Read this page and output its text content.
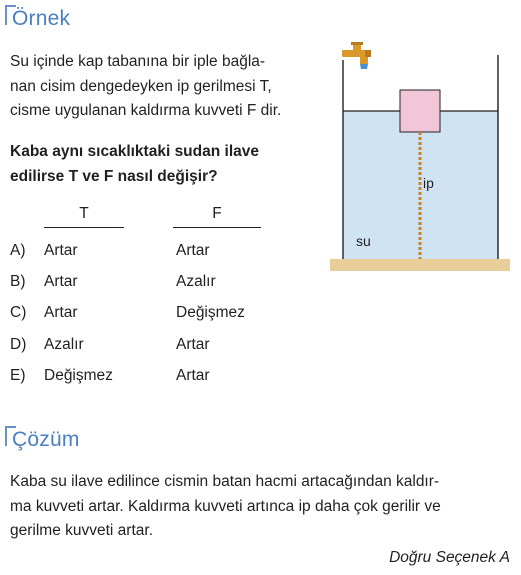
Örnek
Su içinde kap tabanına bir iple bağla-
nan cisim dengedeyken ip gerilmesi T,
cisme uygulanan kaldırma kuvveti F dir.
Kaba aynı sıcaklıktaki sudan ilave
edilirse T ve F nasıl değişir?
T	F
A) Artar	Artar
B) Artar	Azalır
C) Artar	Değişmez
D) Azalır	Artar
E) Değişmez	Artar
ip
su
Çözüm
Kaba su ilave edilince cismin batan hacmi artacağından kaldır-
ma kuvveti artar. Kaldırma kuvveti artınca ip daha çok gerilir ve
gerilme kuvveti artar.
Doğru Seçenek A
